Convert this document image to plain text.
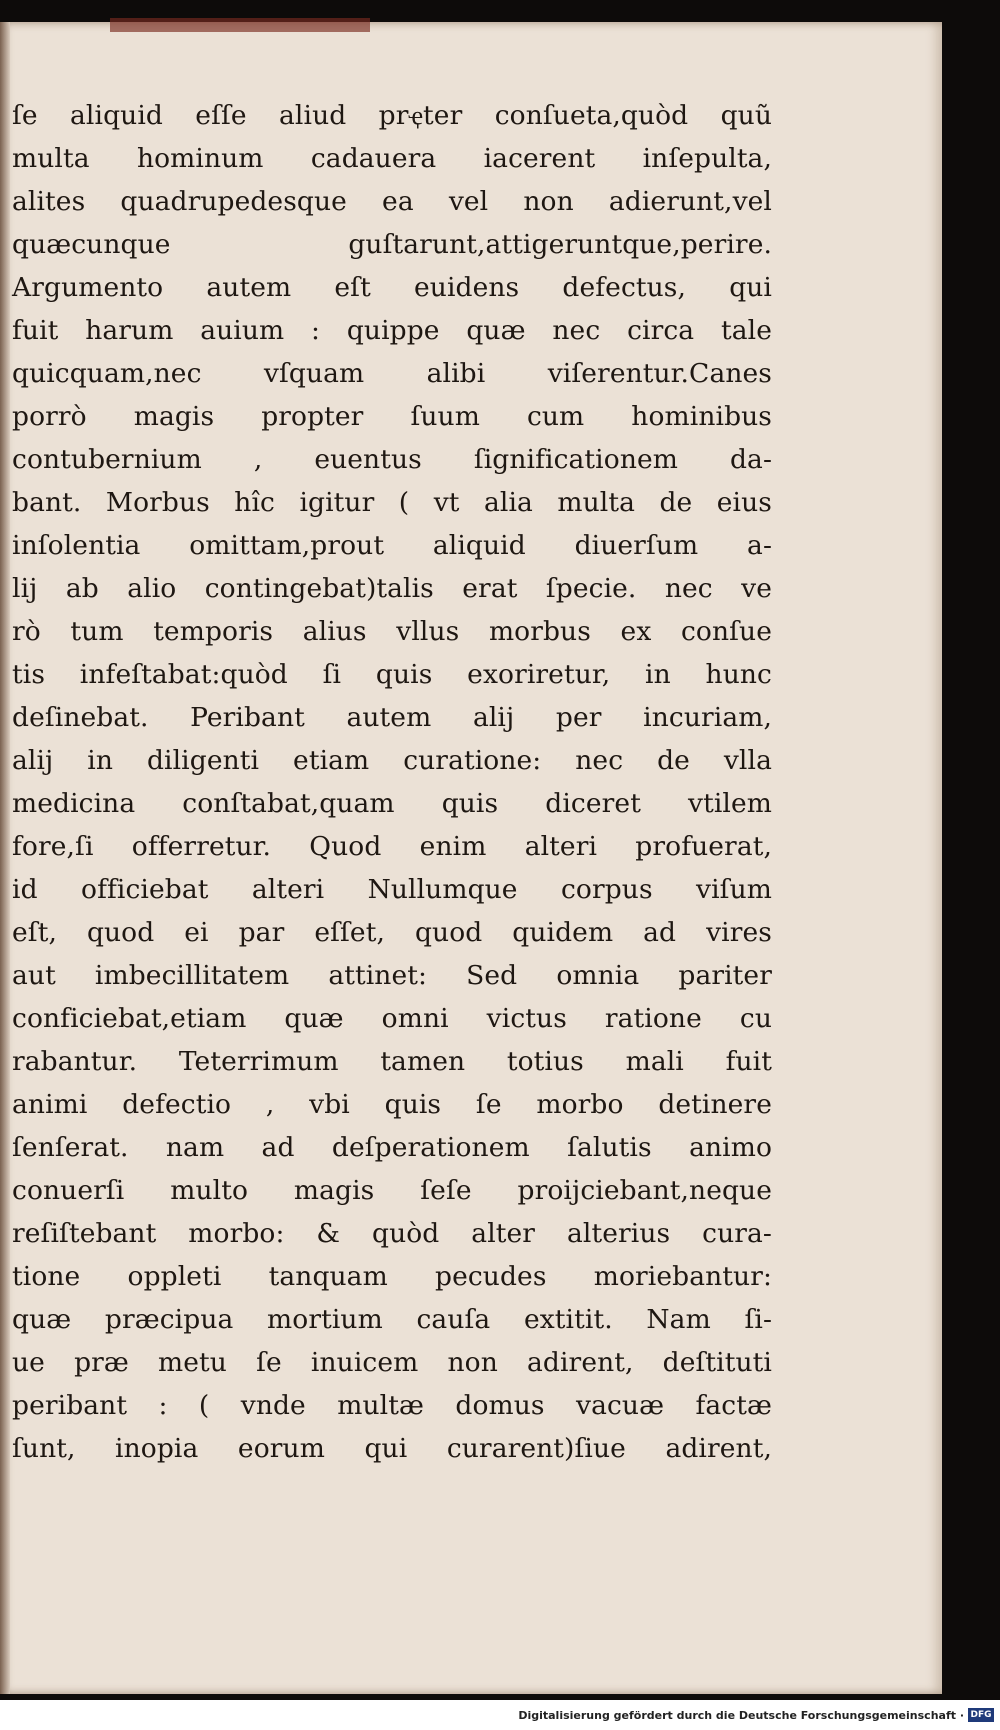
ſe aliquid eſſe aliud prҿter conſueta,quòd quũ
multa hominum cadauera iacerent inſepulta,
alites quadrupedesque ea vel non adierunt,vel
quæcunque guſtarunt,attigeruntque,perire.
Argumento autem eſt euidens defectus, qui
fuit harum auium : quippe quæ nec circa tale
quicquam,nec vſquam alibi viſerentur.Canes
porrò magis propter ſuum cum hominibus
contubernium , euentus ſignificationem da-
bant. Morbus hîc igitur ( vt alia multa de eius
inſolentia omittam,prout aliquid diuerſum a-
lij ab alio contingebat)talis erat ſpecie. nec ve
rò tum temporis alius vllus morbus ex conſue
tis infeſtabat:quòd ſi quis exoriretur, in hunc
deſinebat. Peribant autem alij per incuriam,
alij in diligenti etiam curatione: nec de vlla
medicina conſtabat,quam quis diceret vtilem
fore,ſi offerretur. Quod enim alteri profuerat,
id officiebat alteri Nullumque corpus viſum
eſt, quod ei par eſſet, quod quidem ad vires
aut imbecillitatem attinet: Sed omnia pariter
conficiebat,etiam quæ omni victus ratione cu
rabantur. Teterrimum tamen totius mali fuit
animi defectio , vbi quis ſe morbo detinere
ſenſerat. nam ad deſperationem ſalutis animo
conuerſi multo magis ſeſe proijciebant,neque
reſiſtebant morbo: & quòd alter alterius cura-
tione oppleti tanquam pecudes moriebantur:
quæ præcipua mortium cauſa extitit. Nam ſi-
ue præ metu ſe inuicem non adirent, deſtituti
peribant : ( vnde multæ domus vacuæ factæ
ſunt, inopia eorum qui curarent)ſiue adirent,
Digitalisierung gefördert durch die Deutsche Forschungsgemeinschaft · DFG
